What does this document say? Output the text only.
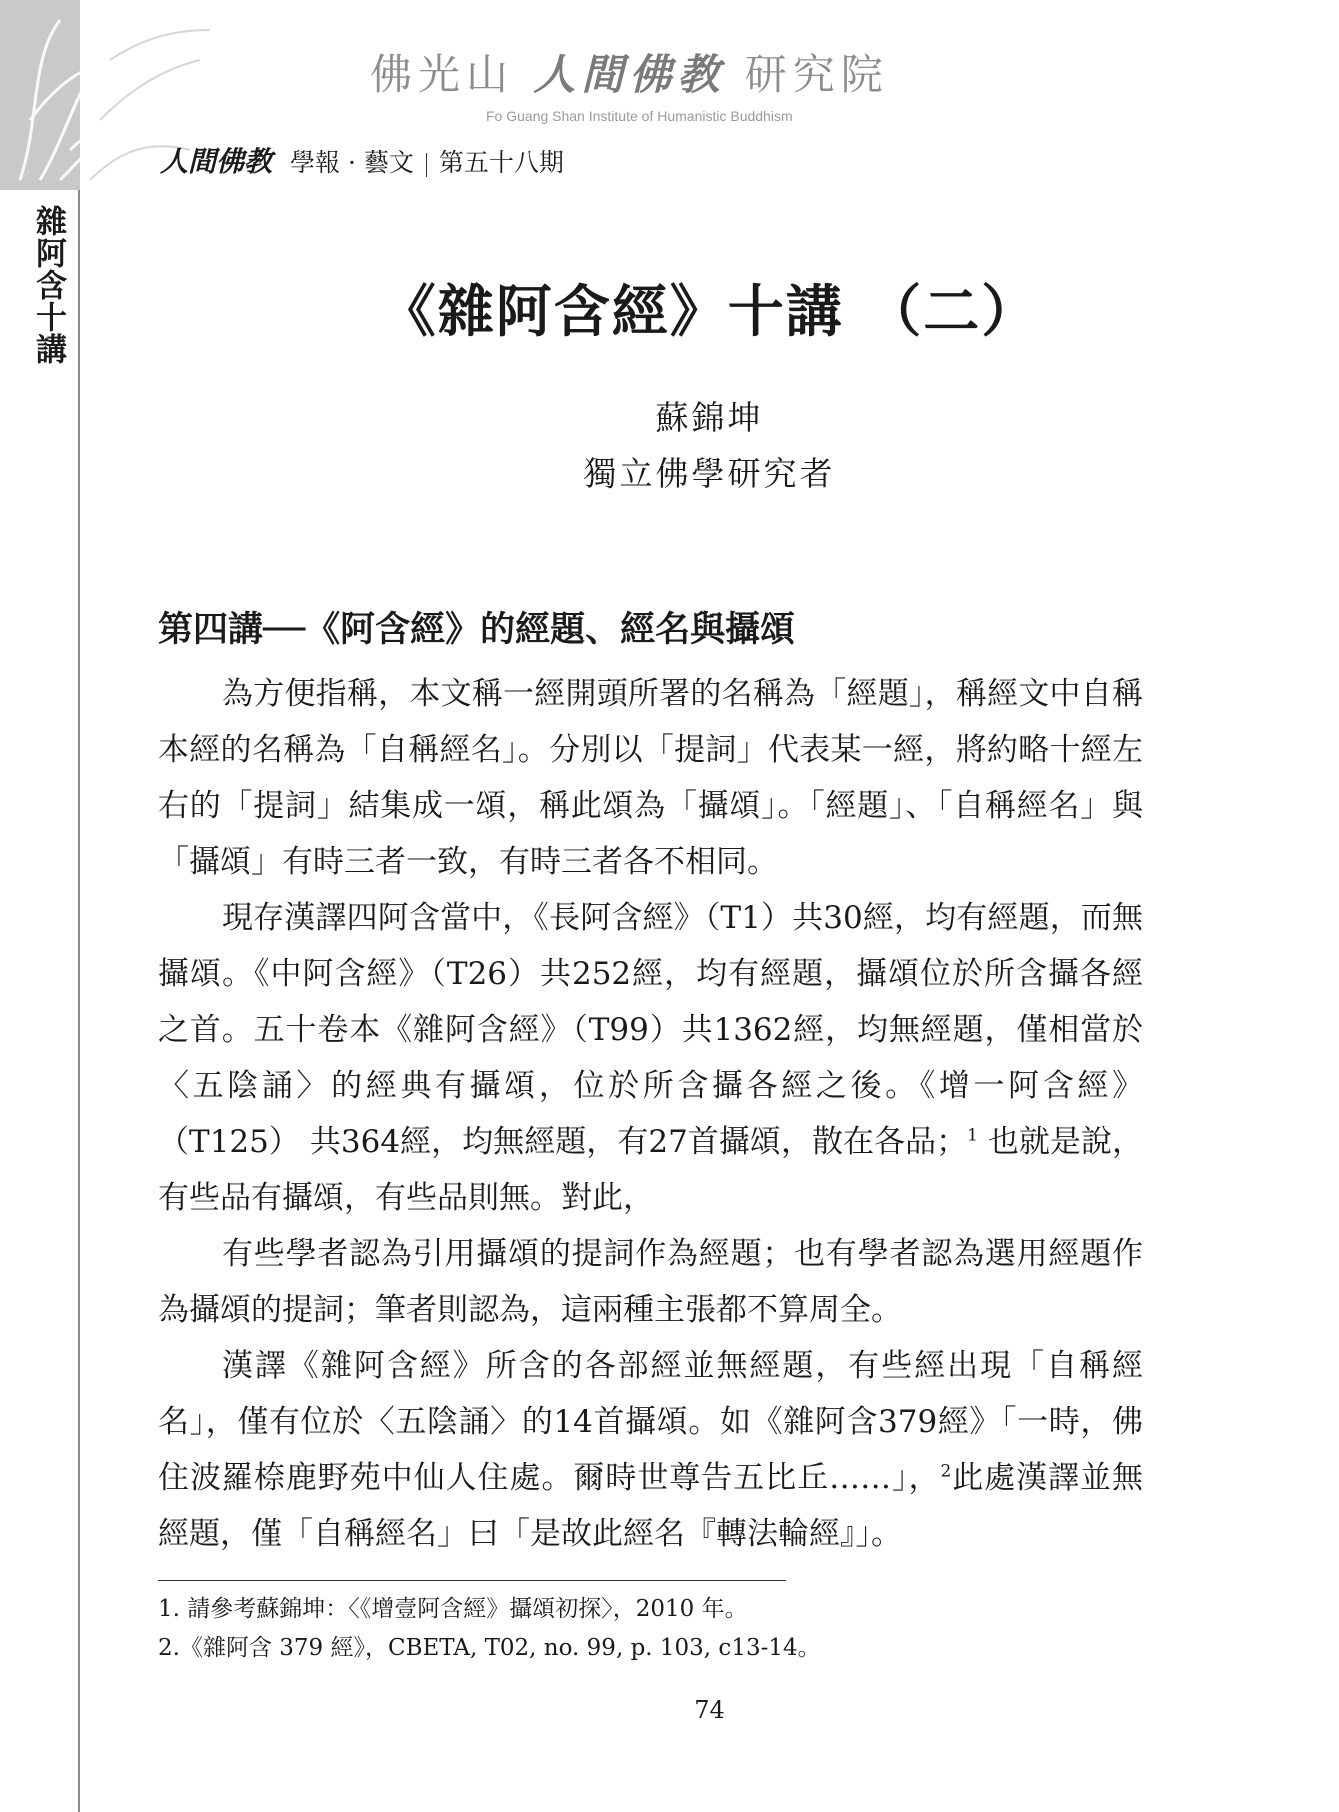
雜阿含十講
佛光山 人間佛教 研究院
Fo Guang Shan Institute of Humanistic Buddhism
人間佛教 學報 · 藝文 第五十八期
《雜阿含經》十講 （二）
蘇錦坤
獨立佛學研究者
第四講──《阿含經》的經題、經名與攝頌

為方便指稱，本文稱一經開頭所署的名稱為「經題」，稱經文中自稱本經的名稱為「自稱經名」。分別以「提詞」代表某一經，將約略十經左右的「提詞」結集成一頌，稱此頌為「攝頌」。「經題」、「自稱經名」與「攝頌」有時三者一致，有時三者各不相同。

現存漢譯四阿含當中，《長阿含經》（T1）共30經，均有經題，而無攝頌。《中阿含經》（T26）共252經，均有經題，攝頌位於所含攝各經之首。五十卷本《雜阿含經》（T99）共1362經，均無經題，僅相當於〈五陰誦〉的經典有攝頌，位於所含攝各經之後。《增一阿含經》（T125） 共364經，均無經題，有27首攝頌，散在各品；$^1$ 也就是說，有些品有攝頌，有些品則無。對此，

有些學者認為引用攝頌的提詞作為經題；也有學者認為選用經題作為攝頌的提詞；筆者則認為，這兩種主張都不算周全。

漢譯《雜阿含經》所含的各部經並無經題，有些經出現「自稱經名」，僅有位於〈五陰誦〉的14首攝頌。如《雜阿含379經》「一時，佛住波羅㮈鹿野苑中仙人住處。爾時世尊告五比丘……」，$^2$此處漢譯並無經題，僅「自稱經名」曰「是故此經名『轉法輪經』」。

1. 請參考蘇錦坤：〈《增壹阿含經》攝頌初探〉，2010 年。
2.《雜阿含 379 經》，CBETA, T02, no. 99, p. 103, c13-14。
74
